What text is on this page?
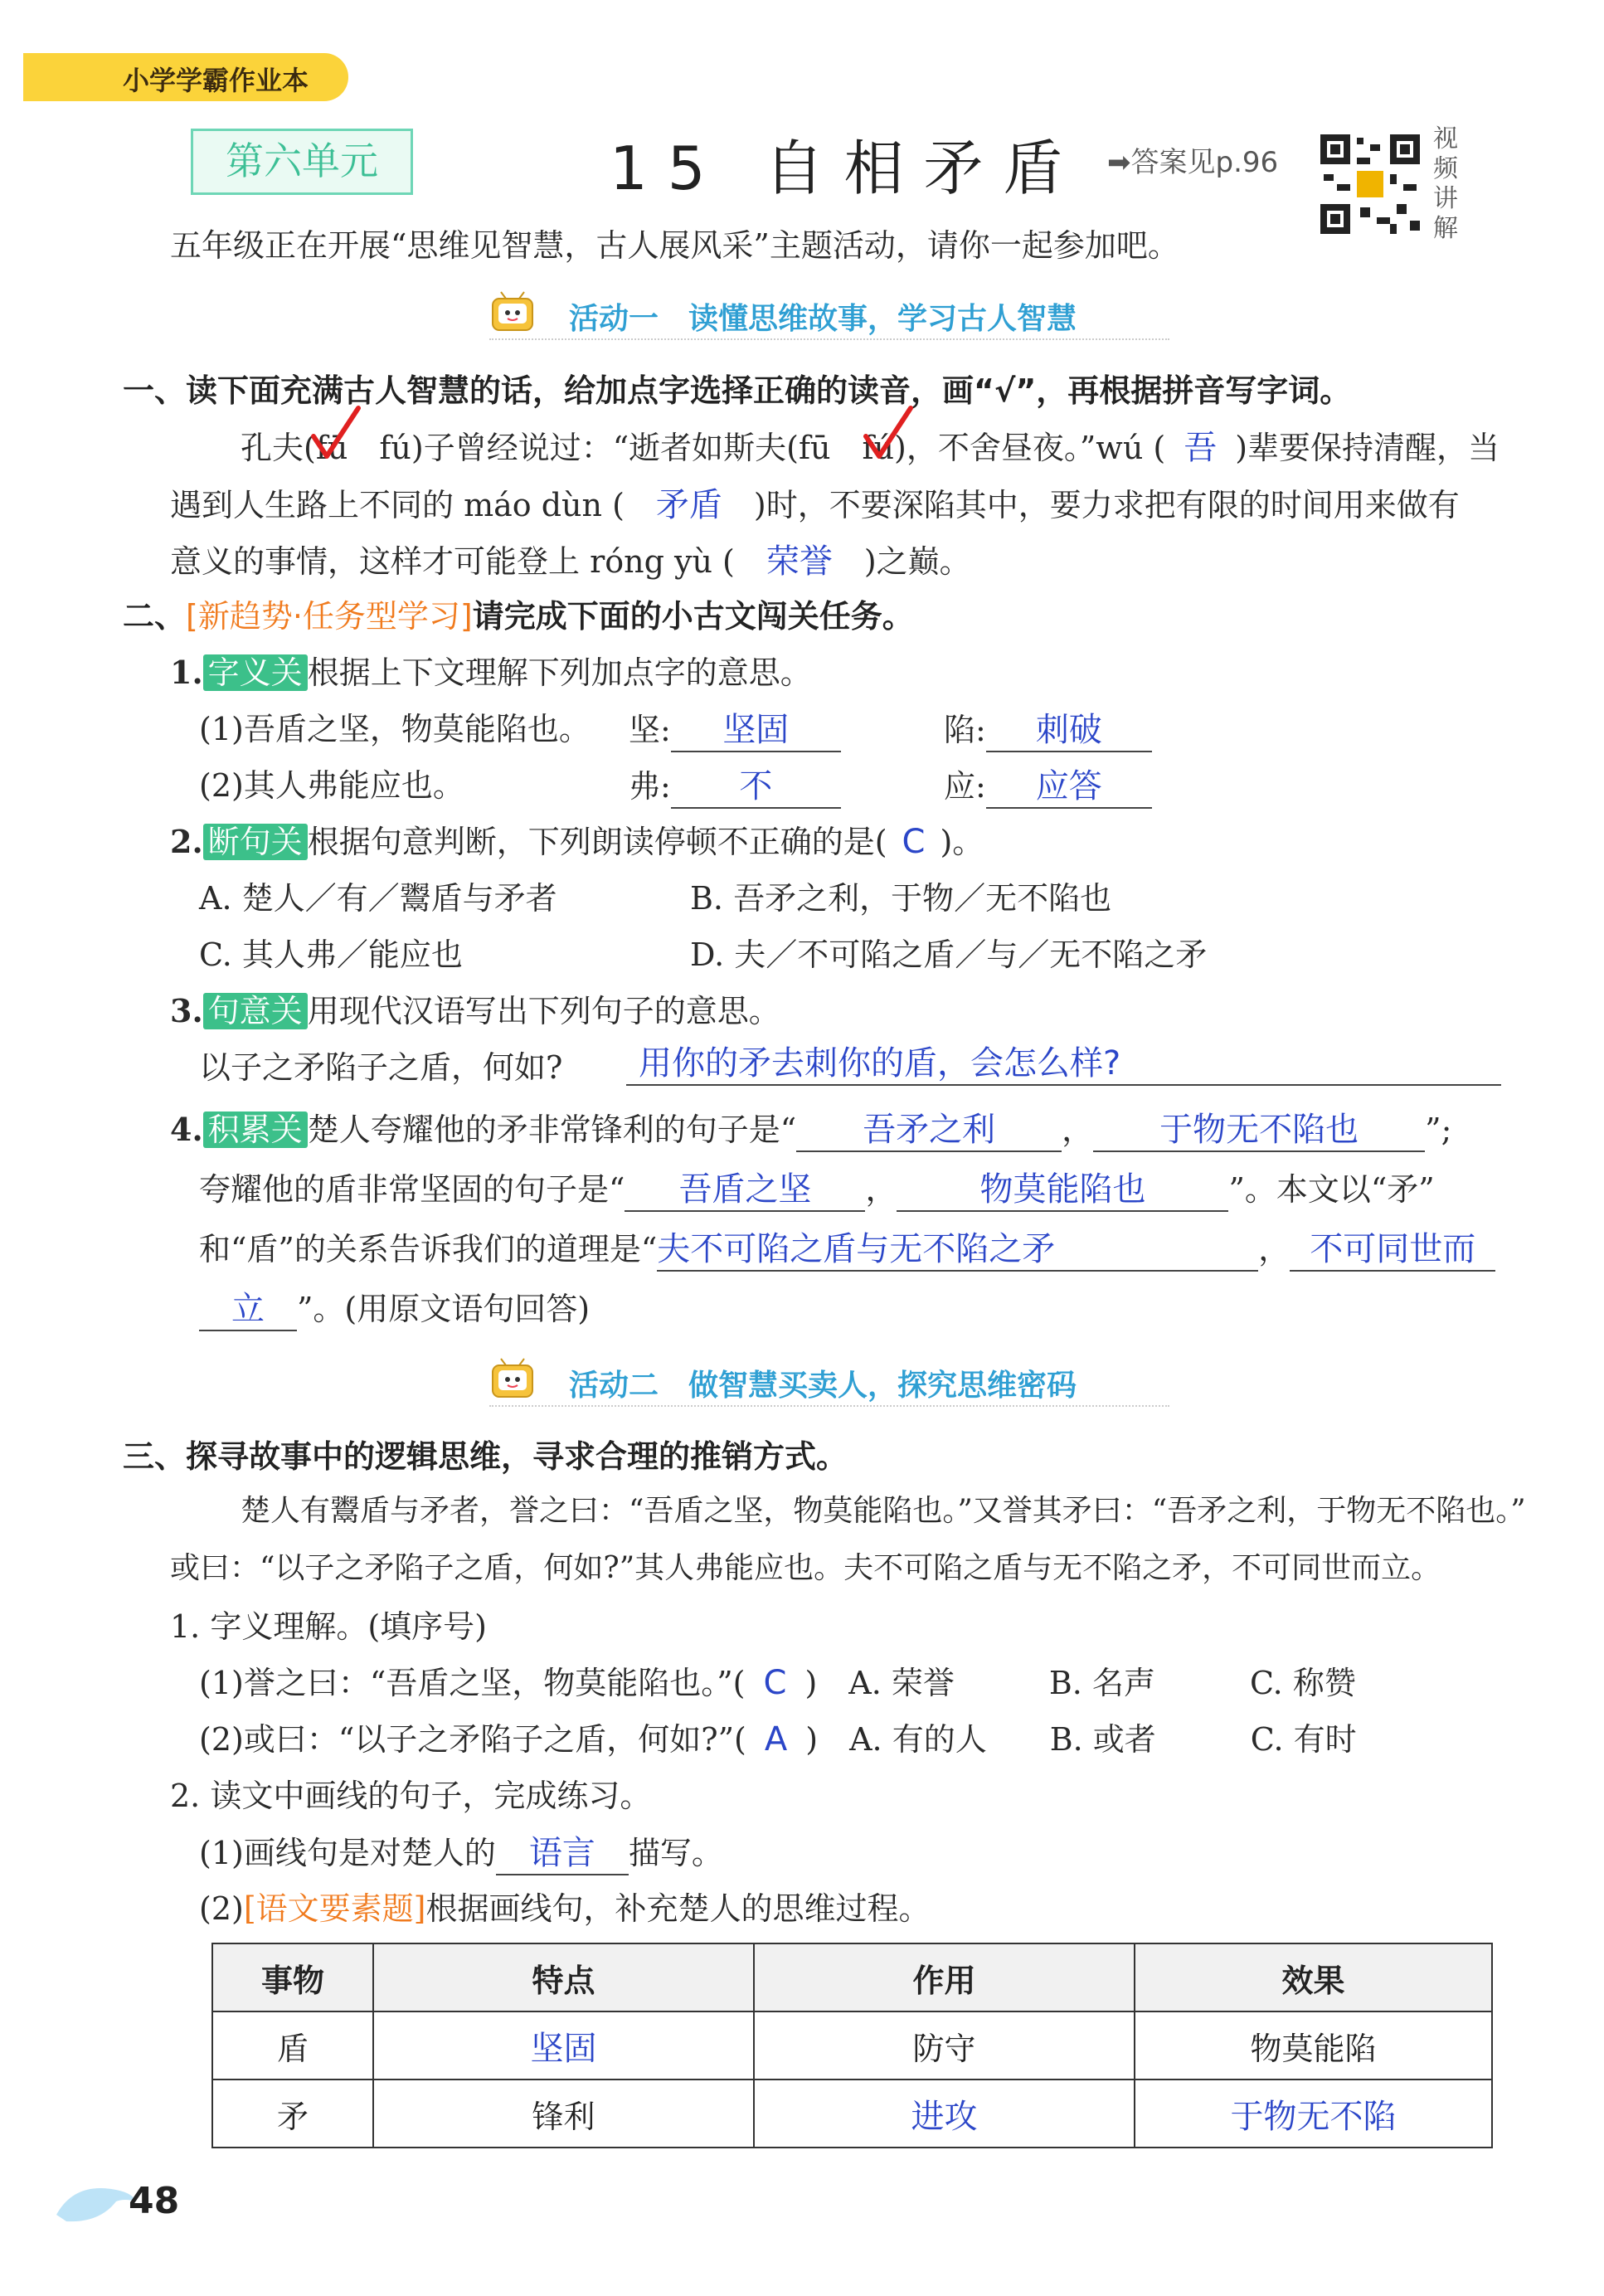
小学学霸作业本
第六单元	15 自相矛盾 ➡答案见p.96
视频讲解
五年级正在开展“思维见智慧，古人展风采”主题活动，请你一起参加吧。
活动一　读懂思维故事，学习古人智慧
一、读下面充满古人智慧的话，给加点字选择正确的读音，画“√”，再根据拼音写字词。
孔夫(fū　fú)子曾经说过：“逝者如斯夫(fū　fú)，不舍昼夜。”wú ( 吾 )辈要保持清醒，当
遇到人生路上不同的 máo dùn ( 矛盾 )时，不要深陷其中，要力求把有限的时间用来做有
意义的事情，这样才可能登上 róng yù ( 荣誉 )之巅。
二、[新趋势·任务型学习]请完成下面的小古文闯关任务。
1. 字义关 根据上下文理解下列加点字的意思。
(1)吾盾之坚，物莫能陷也。
(2)其人弗能应也。
坚: 坚固	陷: 刺破
弗: 不	应: 应答
2. 断句关 根据句意判断，下列朗读停顿不正确的是( C )。
A. 楚人／有／鬻盾与矛者	B. 吾矛之利，于物／无不陷也
C. 其人弗／能应也	D. 夫／不可陷之盾／与／无不陷之矛
3. 句意关 用现代汉语写出下列句子的意思。
以子之矛陷子之盾，何如?	用你的矛去刺你的盾，会怎么样?
4. 积累关 楚人夸耀他的矛非常锋利的句子是“ 吾矛之利 ， 于物无不陷也 ”;
夸耀他的盾非常坚固的句子是“ 吾盾之坚 ，	物莫能陷也	”。本文以“矛”
和“盾”的关系告诉我们的道理是“夫不可陷之盾与无不陷之矛	， 不可同世而
立 ”。(用原文语句回答)
活动二　做智慧买卖人，探究思维密码
三、探寻故事中的逻辑思维，寻求合理的推销方式。
楚人有鬻盾与矛者，誉之曰：“吾盾之坚，物莫能陷也。”又誉其矛曰：“吾矛之利，于物无不陷也。”
或曰：“以子之矛陷子之盾，何如?”其人弗能应也。夫不可陷之盾与无不陷之矛，不可同世而立。
1. 字义理解。(填序号)
(1)誉之曰：“吾盾之坚，物莫能陷也。”( C )　A. 荣誉　　　B. 名声　　　C. 称赞
(2)或曰：“以子之矛陷子之盾，何如?”( A )　A. 有的人　　B. 或者　　　C. 有时
2. 读文中画线的句子，完成练习。
(1)画线句是对楚人的 语言 描写。
(2)[语文要素题]根据画线句，补充楚人的思维过程。
事物	特点	作用	效果
盾	坚固	防守	物莫能陷
矛	锋利	进攻	于物无不陷
48
